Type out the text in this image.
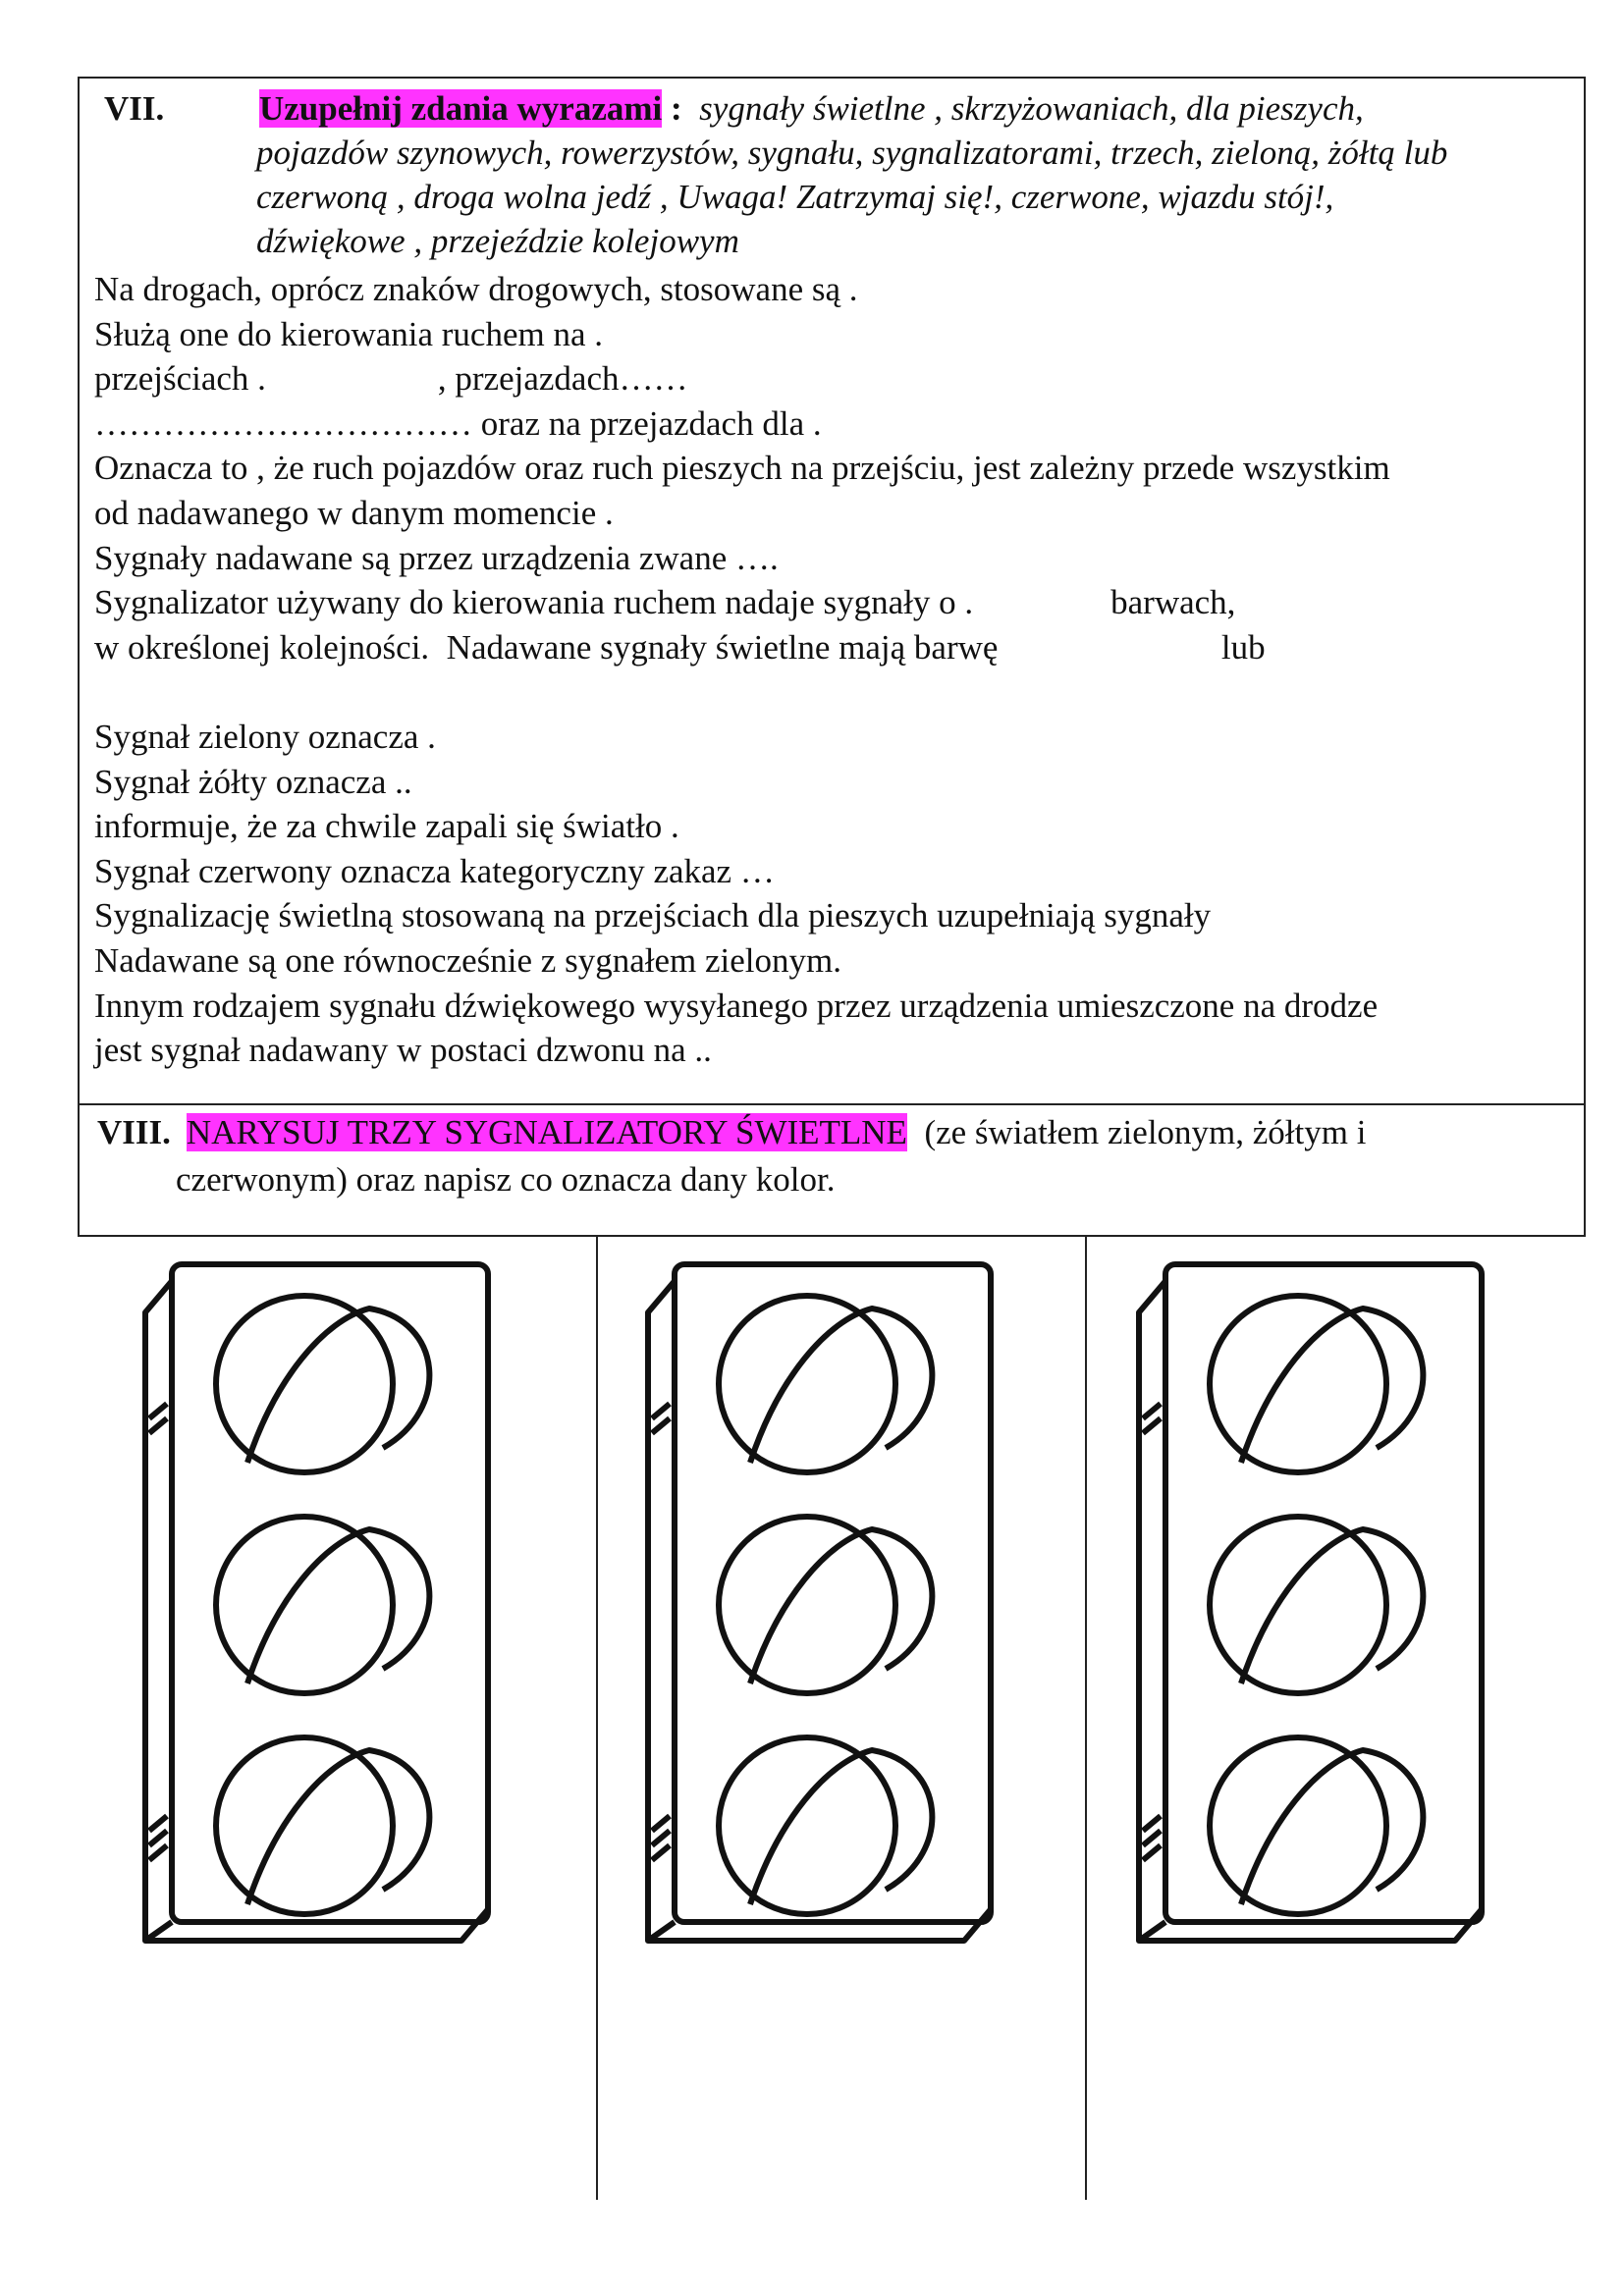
VII.	Uzupełnij zdania wyrazami : sygnały świetlne , skrzyżowaniach, dla pieszych,
pojazdów szynowych, rowerzystów, sygnału, sygnalizatorami, trzech, zieloną, żółtą lub
czerwoną , droga wolna jedź , Uwaga! Zatrzymaj się!, czerwone, wjazdu stój!,
dźwiękowe , przejeździe kolejowym
Na drogach, oprócz znaków drogowych, stosowane są .
Służą one do kierowania ruchem na .
przejściach .                    , przejazdach……
…………………………… oraz na przejazdach dla .
Oznacza to , że ruch pojazdów oraz ruch pieszych na przejściu, jest zależny przede wszystkim
od nadawanego w danym momencie .
Sygnały nadawane są przez urządzenia zwane ….
Sygnalizator używany do kierowania ruchem nadaje sygnały o .                barwach,
w określonej kolejności.  Nadawane sygnały świetlne mają barwę                          lub
Sygnał zielony oznacza .
Sygnał żółty oznacza ..
informuje, że za chwile zapali się światło .
Sygnał czerwony oznacza kategoryczny zakaz …
Sygnalizację świetlną stosowaną na przejściach dla pieszych uzupełniają sygnały
Nadawane są one równocześnie z sygnałem zielonym.
Innym rodzajem sygnału dźwiękowego wysyłanego przez urządzenia umieszczone na drodze
jest sygnał nadawany w postaci dzwonu na ..
VIII. NARYSUJ TRZY SYGNALIZATORY ŚWIETLNE  (ze światłem zielonym, żółtym i
czerwonym) oraz napisz co oznacza dany kolor.
